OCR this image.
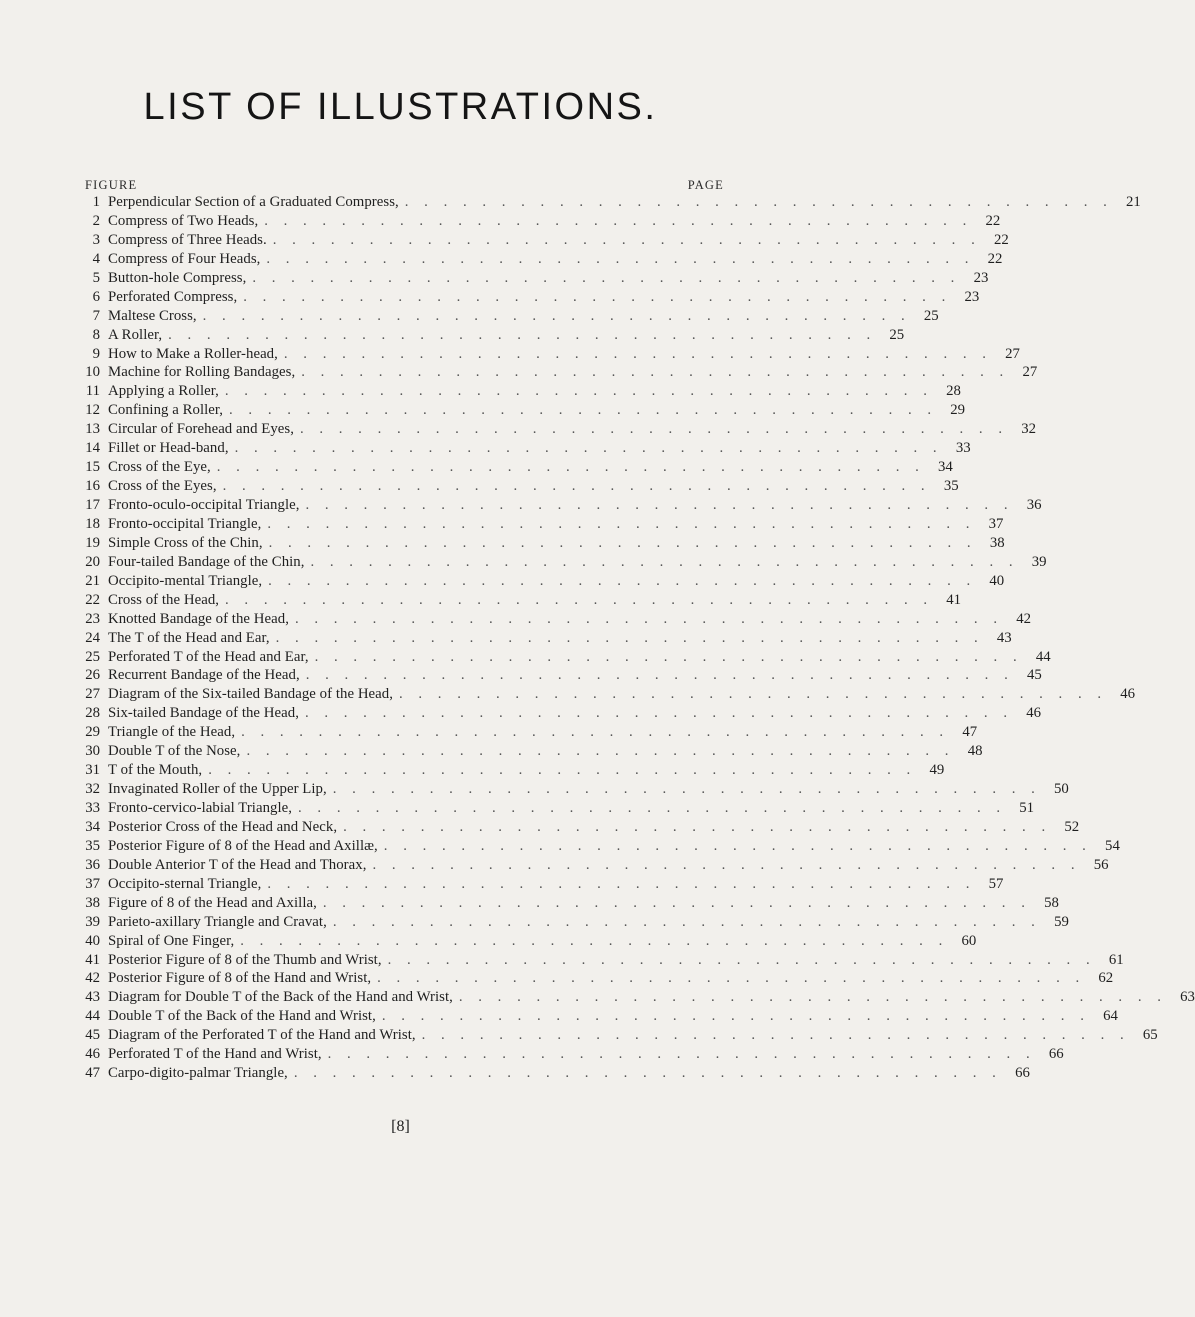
LIST OF ILLUSTRATIONS.
FIGURE	PAGE
1 Perpendicular Section of a Graduated Compress, . . . . . . . . . . . . . . . . . . . . . . . . . . . . . . . . . . . . . 21
2 Compress of Two Heads, . . . . . . . . . . . . . . . . . . . . . . . . . . . . . . . . . . . . . 22
3 Compress of Three Heads. . . . . . . . . . . . . . . . . . . . . . . . . . . . . . . . . . . . . . 22
4 Compress of Four Heads, . . . . . . . . . . . . . . . . . . . . . . . . . . . . . . . . . . . . . 22
5 Button-hole Compress, . . . . . . . . . . . . . . . . . . . . . . . . . . . . . . . . . . . . . 23
6 Perforated Compress, . . . . . . . . . . . . . . . . . . . . . . . . . . . . . . . . . . . . . 23
7 Maltese Cross, . . . . . . . . . . . . . . . . . . . . . . . . . . . . . . . . . . . . . 25
8 A Roller, . . . . . . . . . . . . . . . . . . . . . . . . . . . . . . . . . . . . . 25
9 How to Make a Roller-head, . . . . . . . . . . . . . . . . . . . . . . . . . . . . . . . . . . . . . 27
10 Machine for Rolling Bandages, . . . . . . . . . . . . . . . . . . . . . . . . . . . . . . . . . . . . . 27
11 Applying a Roller, . . . . . . . . . . . . . . . . . . . . . . . . . . . . . . . . . . . . . 28
12 Confining a Roller, . . . . . . . . . . . . . . . . . . . . . . . . . . . . . . . . . . . . . 29
13 Circular of Forehead and Eyes, . . . . . . . . . . . . . . . . . . . . . . . . . . . . . . . . . . . . . 32
14 Fillet or Head-band, . . . . . . . . . . . . . . . . . . . . . . . . . . . . . . . . . . . . . 33
15 Cross of the Eye, . . . . . . . . . . . . . . . . . . . . . . . . . . . . . . . . . . . . . 34
16 Cross of the Eyes, . . . . . . . . . . . . . . . . . . . . . . . . . . . . . . . . . . . . . 35
17 Fronto-oculo-occipital Triangle, . . . . . . . . . . . . . . . . . . . . . . . . . . . . . . . . . . . . . 36
18 Fronto-occipital Triangle, . . . . . . . . . . . . . . . . . . . . . . . . . . . . . . . . . . . . . 37
19 Simple Cross of the Chin, . . . . . . . . . . . . . . . . . . . . . . . . . . . . . . . . . . . . . 38
20 Four-tailed Bandage of the Chin, . . . . . . . . . . . . . . . . . . . . . . . . . . . . . . . . . . . . . 39
21 Occipito-mental Triangle, . . . . . . . . . . . . . . . . . . . . . . . . . . . . . . . . . . . . . 40
22 Cross of the Head, . . . . . . . . . . . . . . . . . . . . . . . . . . . . . . . . . . . . . 41
23 Knotted Bandage of the Head, . . . . . . . . . . . . . . . . . . . . . . . . . . . . . . . . . . . . . 42
24 The T of the Head and Ear, . . . . . . . . . . . . . . . . . . . . . . . . . . . . . . . . . . . . . 43
25 Perforated T of the Head and Ear, . . . . . . . . . . . . . . . . . . . . . . . . . . . . . . . . . . . . . 44
26 Recurrent Bandage of the Head, . . . . . . . . . . . . . . . . . . . . . . . . . . . . . . . . . . . . . 45
27 Diagram of the Six-tailed Bandage of the Head, . . . . . . . . . . . . . . . . . . . . . . . . . . . . . . . . . . . . . 46
28 Six-tailed Bandage of the Head, . . . . . . . . . . . . . . . . . . . . . . . . . . . . . . . . . . . . . 46
29 Triangle of the Head, . . . . . . . . . . . . . . . . . . . . . . . . . . . . . . . . . . . . . 47
30 Double T of the Nose, . . . . . . . . . . . . . . . . . . . . . . . . . . . . . . . . . . . . . 48
31 T of the Mouth, . . . . . . . . . . . . . . . . . . . . . . . . . . . . . . . . . . . . . 49
32 Invaginated Roller of the Upper Lip, . . . . . . . . . . . . . . . . . . . . . . . . . . . . . . . . . . . . . 50
33 Fronto-cervico-labial Triangle, . . . . . . . . . . . . . . . . . . . . . . . . . . . . . . . . . . . . . 51
34 Posterior Cross of the Head and Neck, . . . . . . . . . . . . . . . . . . . . . . . . . . . . . . . . . . . . . 52
35 Posterior Figure of 8 of the Head and Axillæ, . . . . . . . . . . . . . . . . . . . . . . . . . . . . . . . . . . . . . 54
36 Double Anterior T of the Head and Thorax, . . . . . . . . . . . . . . . . . . . . . . . . . . . . . . . . . . . . . 56
37 Occipito-sternal Triangle, . . . . . . . . . . . . . . . . . . . . . . . . . . . . . . . . . . . . . 57
38 Figure of 8 of the Head and Axilla, . . . . . . . . . . . . . . . . . . . . . . . . . . . . . . . . . . . . . 58
39 Parieto-axillary Triangle and Cravat, . . . . . . . . . . . . . . . . . . . . . . . . . . . . . . . . . . . . . 59
40 Spiral of One Finger, . . . . . . . . . . . . . . . . . . . . . . . . . . . . . . . . . . . . . 60
41 Posterior Figure of 8 of the Thumb and Wrist, . . . . . . . . . . . . . . . . . . . . . . . . . . . . . . . . . . . . . 61
42 Posterior Figure of 8 of the Hand and Wrist, . . . . . . . . . . . . . . . . . . . . . . . . . . . . . . . . . . . . . 62
43 Diagram for Double T of the Back of the Hand and Wrist, . . . . . . . . . . . . . . . . . . . . . . . . . . . . . . . . . . . . . 63
44 Double T of the Back of the Hand and Wrist, . . . . . . . . . . . . . . . . . . . . . . . . . . . . . . . . . . . . . 64
45 Diagram of the Perforated T of the Hand and Wrist, . . . . . . . . . . . . . . . . . . . . . . . . . . . . . . . . . . . . . 65
46 Perforated T of the Hand and Wrist, . . . . . . . . . . . . . . . . . . . . . . . . . . . . . . . . . . . . . 66
47 Carpo-digito-palmar Triangle, . . . . . . . . . . . . . . . . . . . . . . . . . . . . . . . . . . . . . 66
[8]
